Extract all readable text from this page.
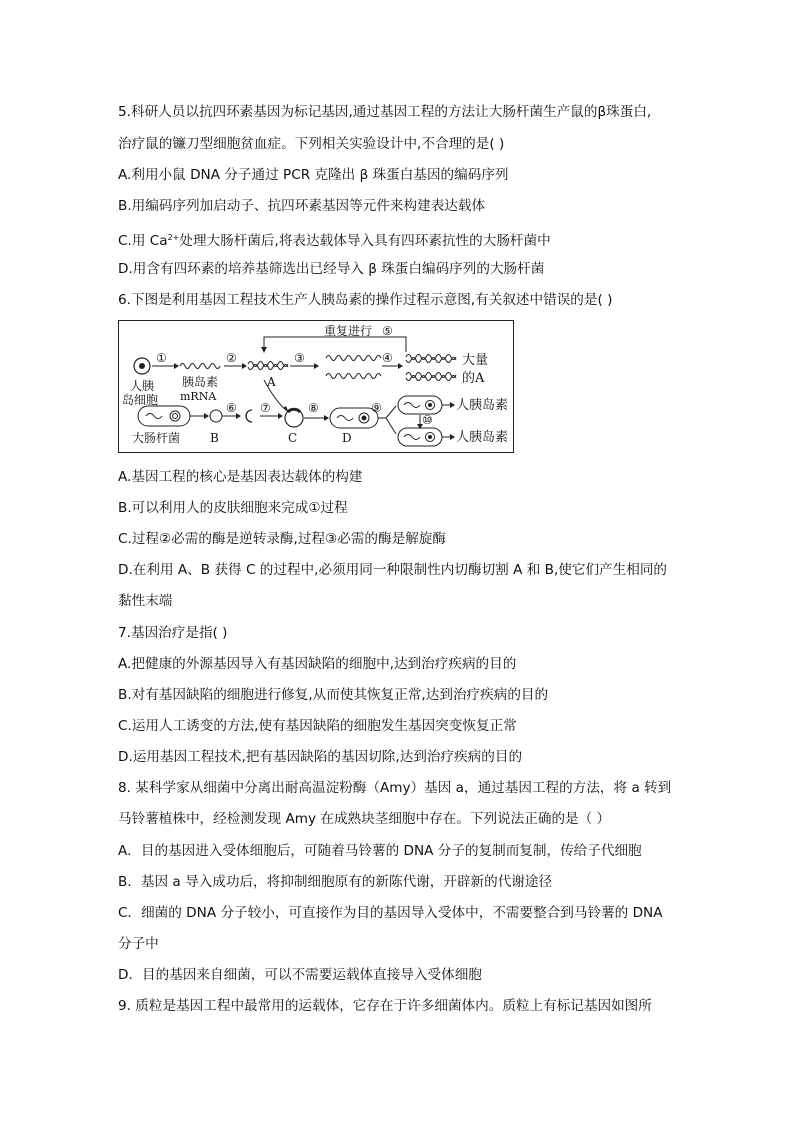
5.科研人员以抗四环素基因为标记基因,通过基因工程的方法让大肠杆菌生产鼠的β珠蛋白,
治疗鼠的镰刀型细胞贫血症。下列相关实验设计中,不合理的是( )
A.利用小鼠 DNA 分子通过 PCR 克隆出 β 珠蛋白基因的编码序列
B.用编码序列加启动子、抗四环素基因等元件来构建表达载体
C.用 $Ca^{2+}$处理大肠杆菌后,将表达载体导入具有四环素抗性的大肠杆菌中
D.用含有四环素的培养基筛选出已经导入 β 珠蛋白编码序列的大肠杆菌
6.下图是利用基因工程技术生产人胰岛素的操作过程示意图,有关叙述中错误的是( )
重复进行 ⑤
人胰
岛细胞
①
胰岛素
mRNA
②
A
③	④	大量
的A
大肠杆菌 B
⑥ ⑦
C
⑧
D
⑨	人胰岛素
⑩
人胰岛素
A.基因工程的核心是基因表达载体的构建
B.可以利用人的皮肤细胞来完成①过程
C.过程②必需的酶是逆转录酶,过程③必需的酶是解旋酶
D.在利用 A、B 获得 C 的过程中,必须用同一种限制性内切酶切割 A 和 B,使它们产生相同的
黏性末端
7.基因治疗是指( )
A.把健康的外源基因导入有基因缺陷的细胞中,达到治疗疾病的目的
B.对有基因缺陷的细胞进行修复,从而使其恢复正常,达到治疗疾病的目的
C.运用人工诱变的方法,使有基因缺陷的细胞发生基因突变恢复正常
D.运用基因工程技术,把有基因缺陷的基因切除,达到治疗疾病的目的
8. 某科学家从细菌中分离出耐高温淀粉酶（Amy）基因 a，通过基因工程的方法，将 a 转到
马铃薯植株中，经检测发现 Amy 在成熟块茎细胞中存在。下列说法正确的是（ ）
A．目的基因进入受体细胞后，可随着马铃薯的 DNA 分子的复制而复制，传给子代细胞
B．基因 a 导入成功后，将抑制细胞原有的新陈代谢，开辟新的代谢途径
C．细菌的 DNA 分子较小，可直接作为目的基因导入受体中，不需要整合到马铃薯的 DNA
分子中
D．目的基因来自细菌，可以不需要运载体直接导入受体细胞
9. 质粒是基因工程中最常用的运载体，它存在于许多细菌体内。质粒上有标记基因如图所
